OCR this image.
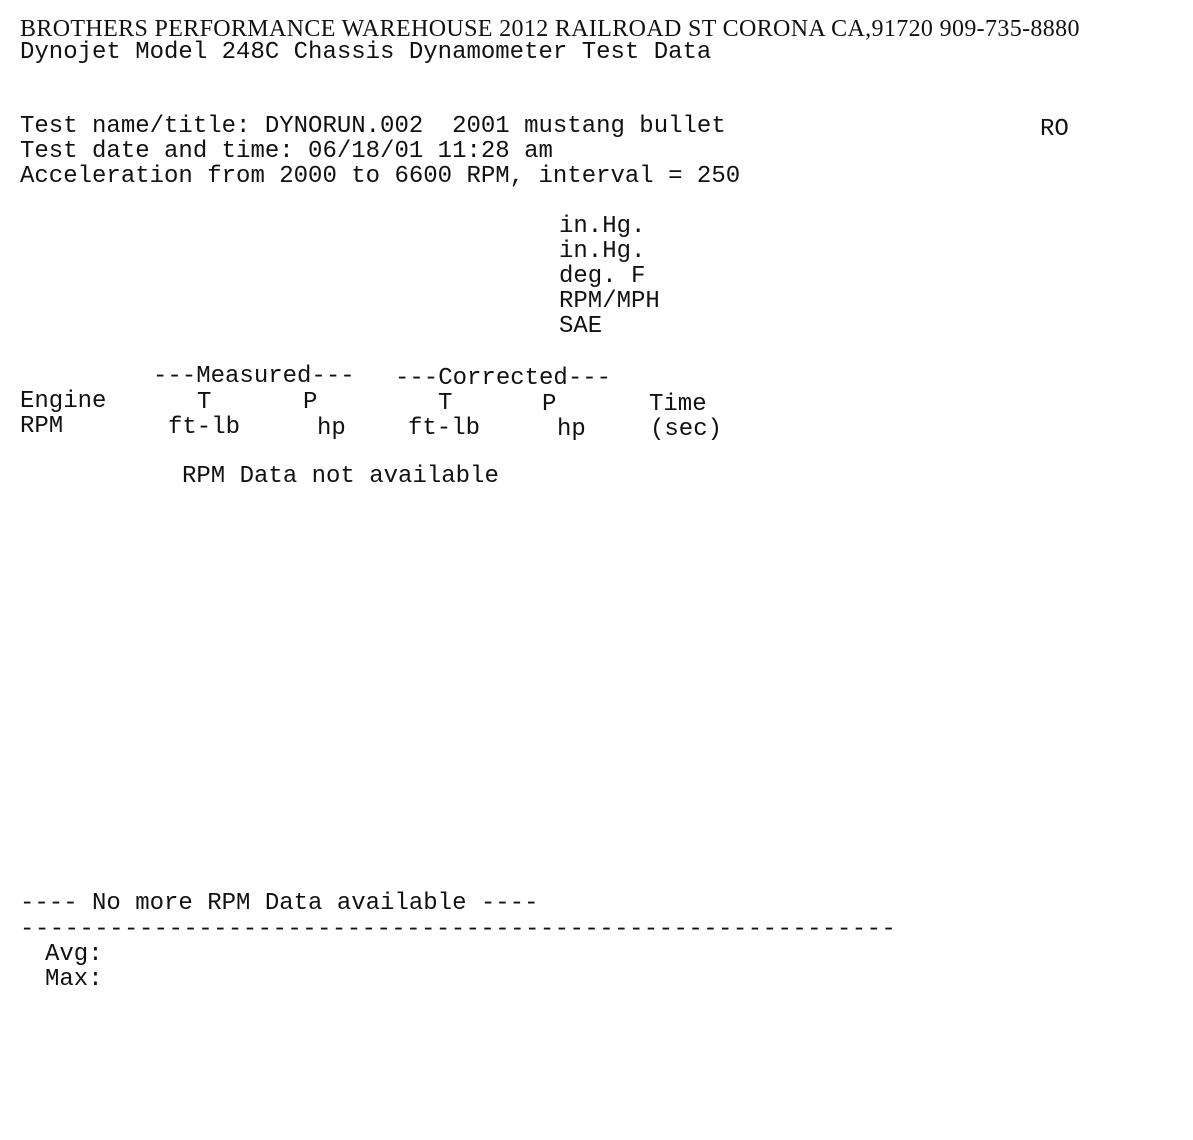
BROTHERS PERFORMANCE WAREHOUSE 2012 RAILROAD ST CORONA CA,91720 909-735-8880
Dynojet Model 248C Chassis Dynamometer Test Data
Test name/title: DYNORUN.002  2001 mustang bullet	RO
Test date and time: 06/18/01 11:28 am
Acceleration from 2000 to 6600 RPM, interval = 250

in.Hg.

in.Hg.

deg. F

RPM/MPH

SAE

---Measured--- ---Corrected---
Engine
RPM
T
ft-lb
P
hp
T
ft-lb
P
hp
Time
(sec)

RPM Data not available

---- No more RPM Data available ----
-----------------------------------------------------------

Avg:

Max:
